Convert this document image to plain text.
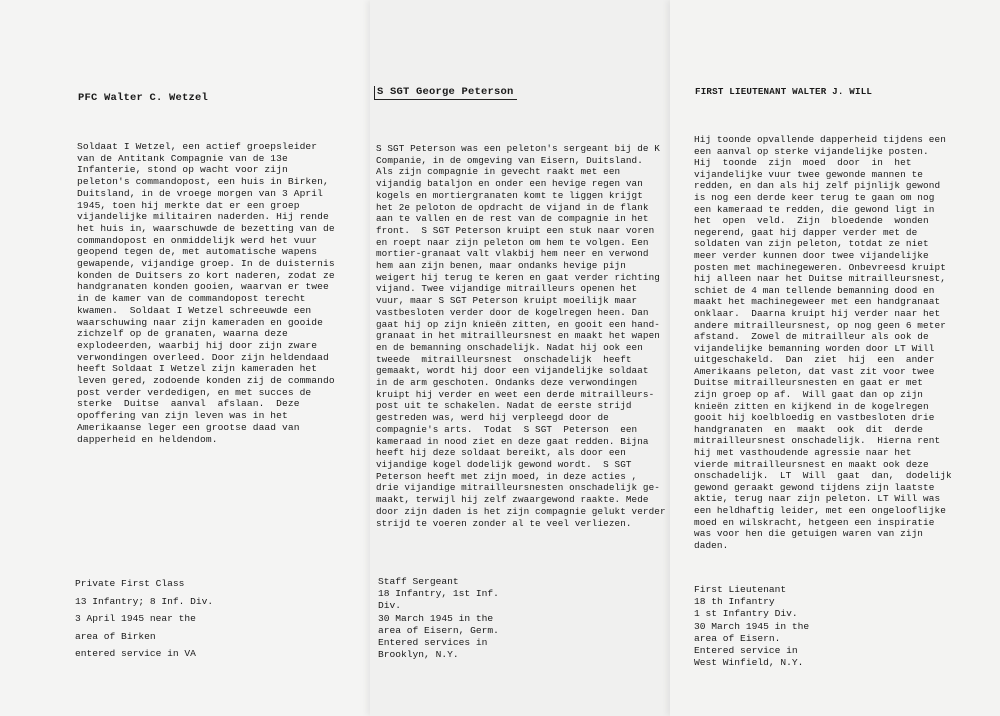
PFC Walter C. Wetzel
Soldaat I Wetzel, een actief groepsleider
van de Antitank Compagnie van de 13e
Infanterie, stond op wacht voor zijn
peleton's commandopost, een huis in Birken,
Duitsland, in de vroege morgen van 3 April
1945, toen hij merkte dat er een groep
vijandelijke militairen naderden. Hij rende
het huis in, waarschuwde de bezetting van de
commandopost en onmiddelijk werd het vuur
geopend tegen de, met automatische wapens
gewapende, vijandige groep. In de duisternis
konden de Duitsers zo kort naderen, zodat ze
handgranaten konden gooien, waarvan er twee
in de kamer van de commandopost terecht
kwamen.  Soldaat I Wetzel schreeuwde een
waarschuwing naar zijn kameraden en gooide
zichzelf op de granaten, waarna deze
explodeerden, waarbij hij door zijn zware
verwondingen overleed. Door zijn heldendaad
heeft Soldaat I Wetzel zijn kameraden het
leven gered, zodoende konden zij de commando
post verder verdedigen, en met succes de
sterke  Duitse  aanval  afslaan.  Deze
opoffering van zijn leven was in het
Amerikaanse leger een grootse daad van
dapperheid en heldendom.
Private First Class
13 Infantry; 8 Inf. Div.
3 April 1945 near the
area of Birken
entered service in VA
S SGT George Peterson
S SGT Peterson was een peleton's sergeant bij de K
Companie, in de omgeving van Eisern, Duitsland.
Als zijn compagnie in gevecht raakt met een
vijandig bataljon en onder een hevige regen van
kogels en mortiergranaten komt te liggen krijgt
het 2e peloton de opdracht de vijand in de flank
aan te vallen en de rest van de compagnie in het
front.  S SGT Peterson kruipt een stuk naar voren
en roept naar zijn peleton om hem te volgen. Een
mortier-granaat valt vlakbij hem neer en verwond
hem aan zijn benen, maar ondanks hevige pijn
weigert hij terug te keren en gaat verder richting
vijand. Twee vijandige mitrailleurs openen het
vuur, maar S SGT Peterson kruipt moeilijk maar
vastbesloten verder door de kogelregen heen. Dan
gaat hij op zijn knieën zitten, en gooit een hand-
granaat in het mitrailleursnest en maakt het wapen
en de bemanning onschadelijk. Nadat hij ook een
tweede  mitrailleursnest  onschadelijk  heeft
gemaakt, wordt hij door een vijandelijke soldaat
in de arm geschoten. Ondanks deze verwondingen
kruipt hij verder en weet een derde mitrailleurs-
post uit te schakelen. Nadat de eerste strijd
gestreden was, werd hij verpleegd door de
compagnie's arts.  Todat  S SGT  Peterson  een
kameraad in nood ziet en deze gaat redden. Bijna
heeft hij deze soldaat bereikt, als door een
vijandige kogel dodelijk gewond wordt.  S SGT
Peterson heeft met zijn moed, in deze acties ,
drie vijandige mitrailleursnesten onschadelijk ge-
maakt, terwijl hij zelf zwaargewond raakte. Mede
door zijn daden is het zijn compagnie gelukt verder
strijd te voeren zonder al te veel verliezen.
Staff Sergeant
18 Infantry, 1st Inf.
Div.
30 March 1945 in the
area of Eisern, Germ.
Entered services in
Brooklyn, N.Y.
FIRST LIEUTENANT WALTER J. WILL
Hij toonde opvallende dapperheid tijdens een
een aanval op sterke vijandelijke posten.
Hij  toonde  zijn  moed  door  in  het
vijandelijke vuur twee gewonde mannen te
redden, en dan als hij zelf pijnlijk gewond
is nog een derde keer terug te gaan om nog
een kameraad te redden, die gewond ligt in
het  open  veld.  Zijn  bloedende  wonden
negerend, gaat hij dapper verder met de
soldaten van zijn peleton, totdat ze niet
meer verder kunnen door twee vijandelijke
posten met machinegeweren. Onbevreesd kruipt
hij alleen naar het Duitse mitrailleursnest,
schiet de 4 man tellende bemanning dood en
maakt het machinegeweer met een handgranaat
onklaar.  Daarna kruipt hij verder naar het
andere mitrailleursnest, op nog geen 6 meter
afstand.  Zowel de mitrailleur als ook de
vijandelijke bemanning worden door LT Will
uitgeschakeld.  Dan  ziet  hij  een  ander
Amerikaans peleton, dat vast zit voor twee
Duitse mitrailleursnesten en gaat er met
zijn groep op af.  Will gaat dan op zijn
knieën zitten en kijkend in de kogelregen
gooit hij koelbloedig en vastbesloten drie
handgranaten  en  maakt  ook  dit  derde
mitrailleursnest onschadelijk.  Hierna rent
hij met vasthoudende agressie naar het
vierde mitrailleursnest en maakt ook deze
onschadelijk.  LT  Will  gaat  dan,  dodelijk
gewond geraakt gewond tijdens zijn laatste
aktie, terug naar zijn peleton. LT Will was
een heldhaftig leider, met een ongelooflijke
moed en wilskracht, hetgeen een inspiratie
was voor hen die getuigen waren van zijn
daden.
First Lieutenant
18 th Infantry
1 st Infantry Div.
30 March 1945 in the
area of Eisern.
Entered service in
West Winfield, N.Y.
